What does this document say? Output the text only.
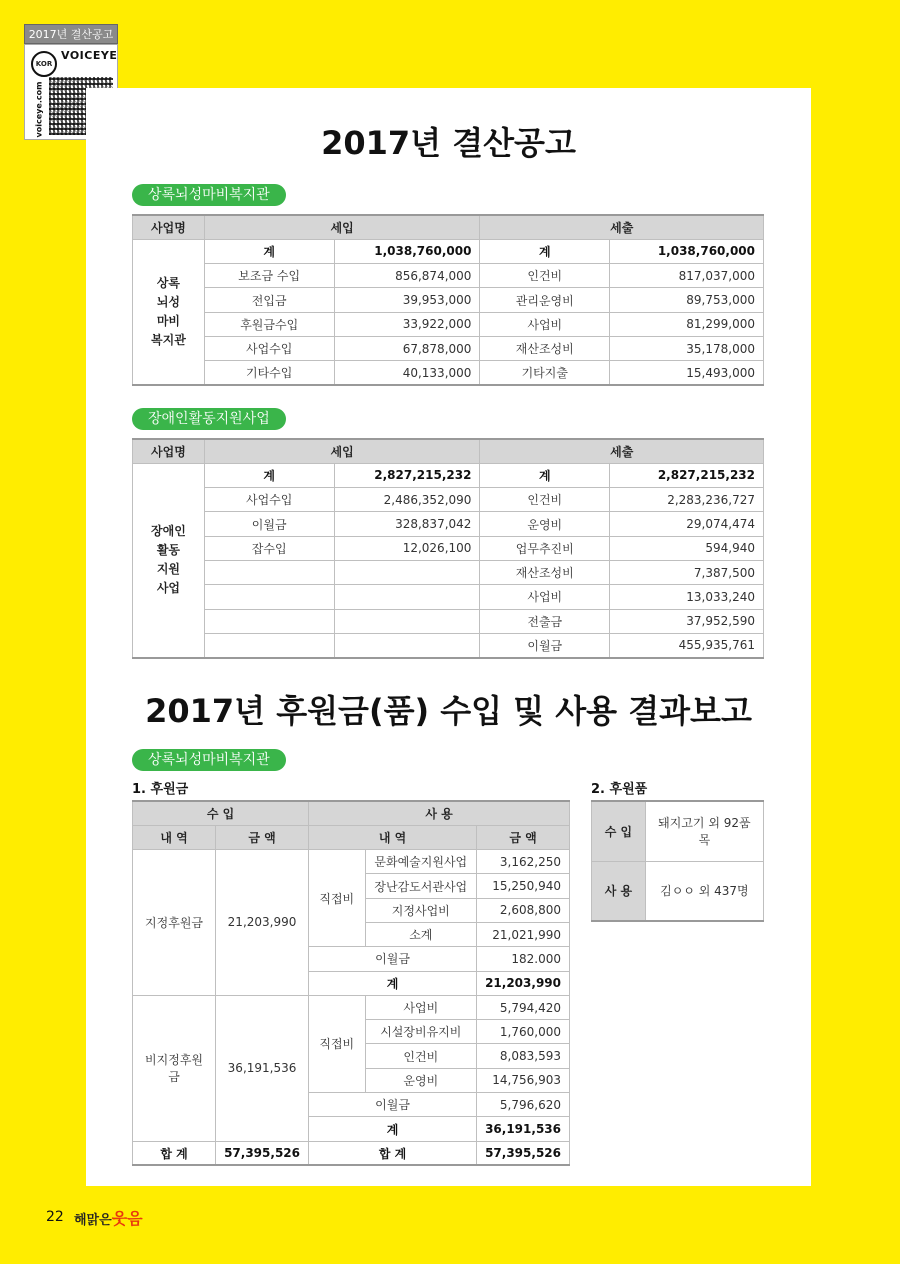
2017년 결산공고
KOR
VOICEYE
voiceye.com
2017년 결산공고
상록뇌성마비복지관
사업명	세입		세출	

상록
뇌성
마비
복지관	계	1,038,760,000	계	1,038,760,000
	보조금 수입	856,874,000	인건비	817,037,000
	전입금	39,953,000	관리운영비	89,753,000
	후원금수입	33,922,000	사업비	81,299,000
	사업수입	67,878,000	재산조성비	35,178,000
	기타수입	40,133,000	기타지출	15,493,000
장애인활동지원사업
사업명	세입		세출	

장애인
활동
지원
사업	계	2,827,215,232	계	2,827,215,232
	사업수입	2,486,352,090	인건비	2,283,236,727
	이월금	328,837,042	운영비	29,074,474
	잡수입	12,026,100	업무추진비	594,940
			재산조성비	7,387,500
			사업비	13,033,240
			전출금	37,952,590
			이월금	455,935,761
2017년 후원금(품) 수입 및 사용 결과보고
상록뇌성마비복지관
1. 후원금	2. 후원품
수 입		사 용		
내 역	금 액	내 역		금 액
지정후원금	21,203,990	직접비	문화예술지원사업	3,162,250
			장난감도서관사업	15,250,940
			지정사업비	2,608,800
			소계	21,021,990
		이월금		182.000
		계		21,203,990
비지정후원금	36,191,536	직접비	사업비	5,794,420
			시설장비유지비	1,760,000
			인건비	8,083,593
			운영비	14,756,903
		이월금		5,796,620
		계		36,191,536
합 계	57,395,526	합 계		57,395,526
수 입	돼지고기 외 92품목
사 용	김ㅇㅇ 외 437명
22 해맑은웃음
